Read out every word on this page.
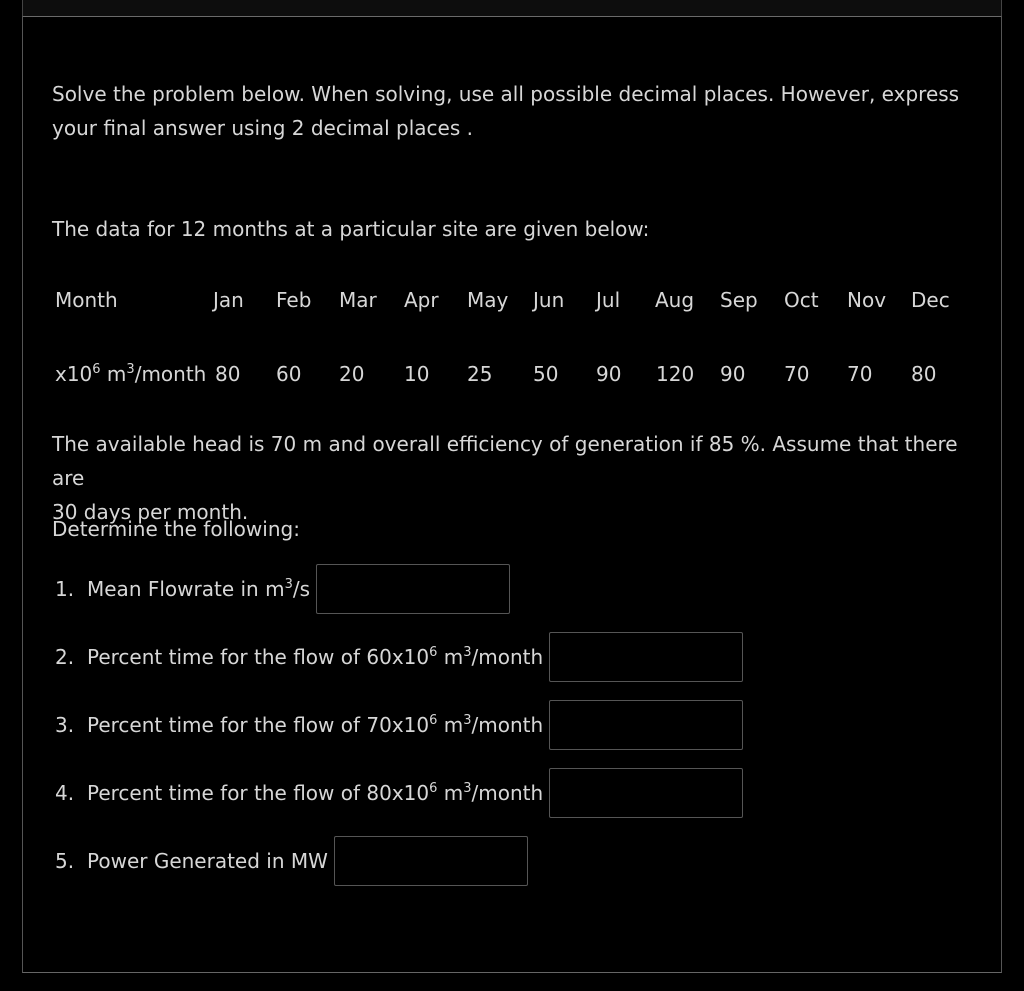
Solve the problem below. When solving, use all possible decimal places. However, express
your final answer using 2 decimal places .

The data for 12 months at a particular site are given below:

Month	Jan Feb Mar Apr May Jun Jul Aug Sep Oct Nov Dec
$x10^6$ $m^3$/month 80 60 20 10 25 50 90 120 90 70 70 80

The available head is 70 m and overall efficiency of generation if 85 %. Assume that there are
30 days per month.

Determine the following:

1. Mean Flowrate in $m^3/s$
2. Percent time for the flow of $60x10^6$ $m^3$/month
3. Percent time for the flow of $70x10^6$ $m^3$/month
4. Percent time for the flow of $80x10^6$ $m^3$/month
5. Power Generated in MW
